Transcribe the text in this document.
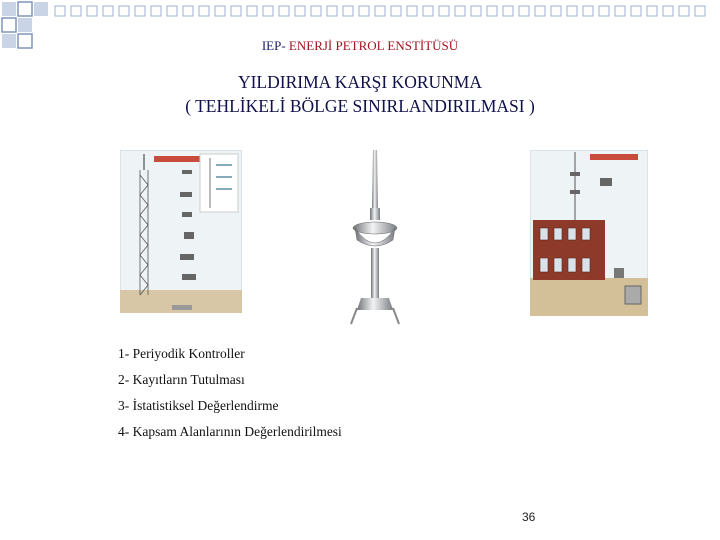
IEP- ENERJİ PETROL ENSTİTÜSÜ
YILDIRIMA KARŞI KORUNMA
( TEHLİKELİ BÖLGE SINIRLANDIRILMASI )
1- Periyodik Kontroller
2- Kayıtların Tutulması
3- İstatistiksel Değerlendirme
4- Kapsam Alanlarının Değerlendirilmesi
36
